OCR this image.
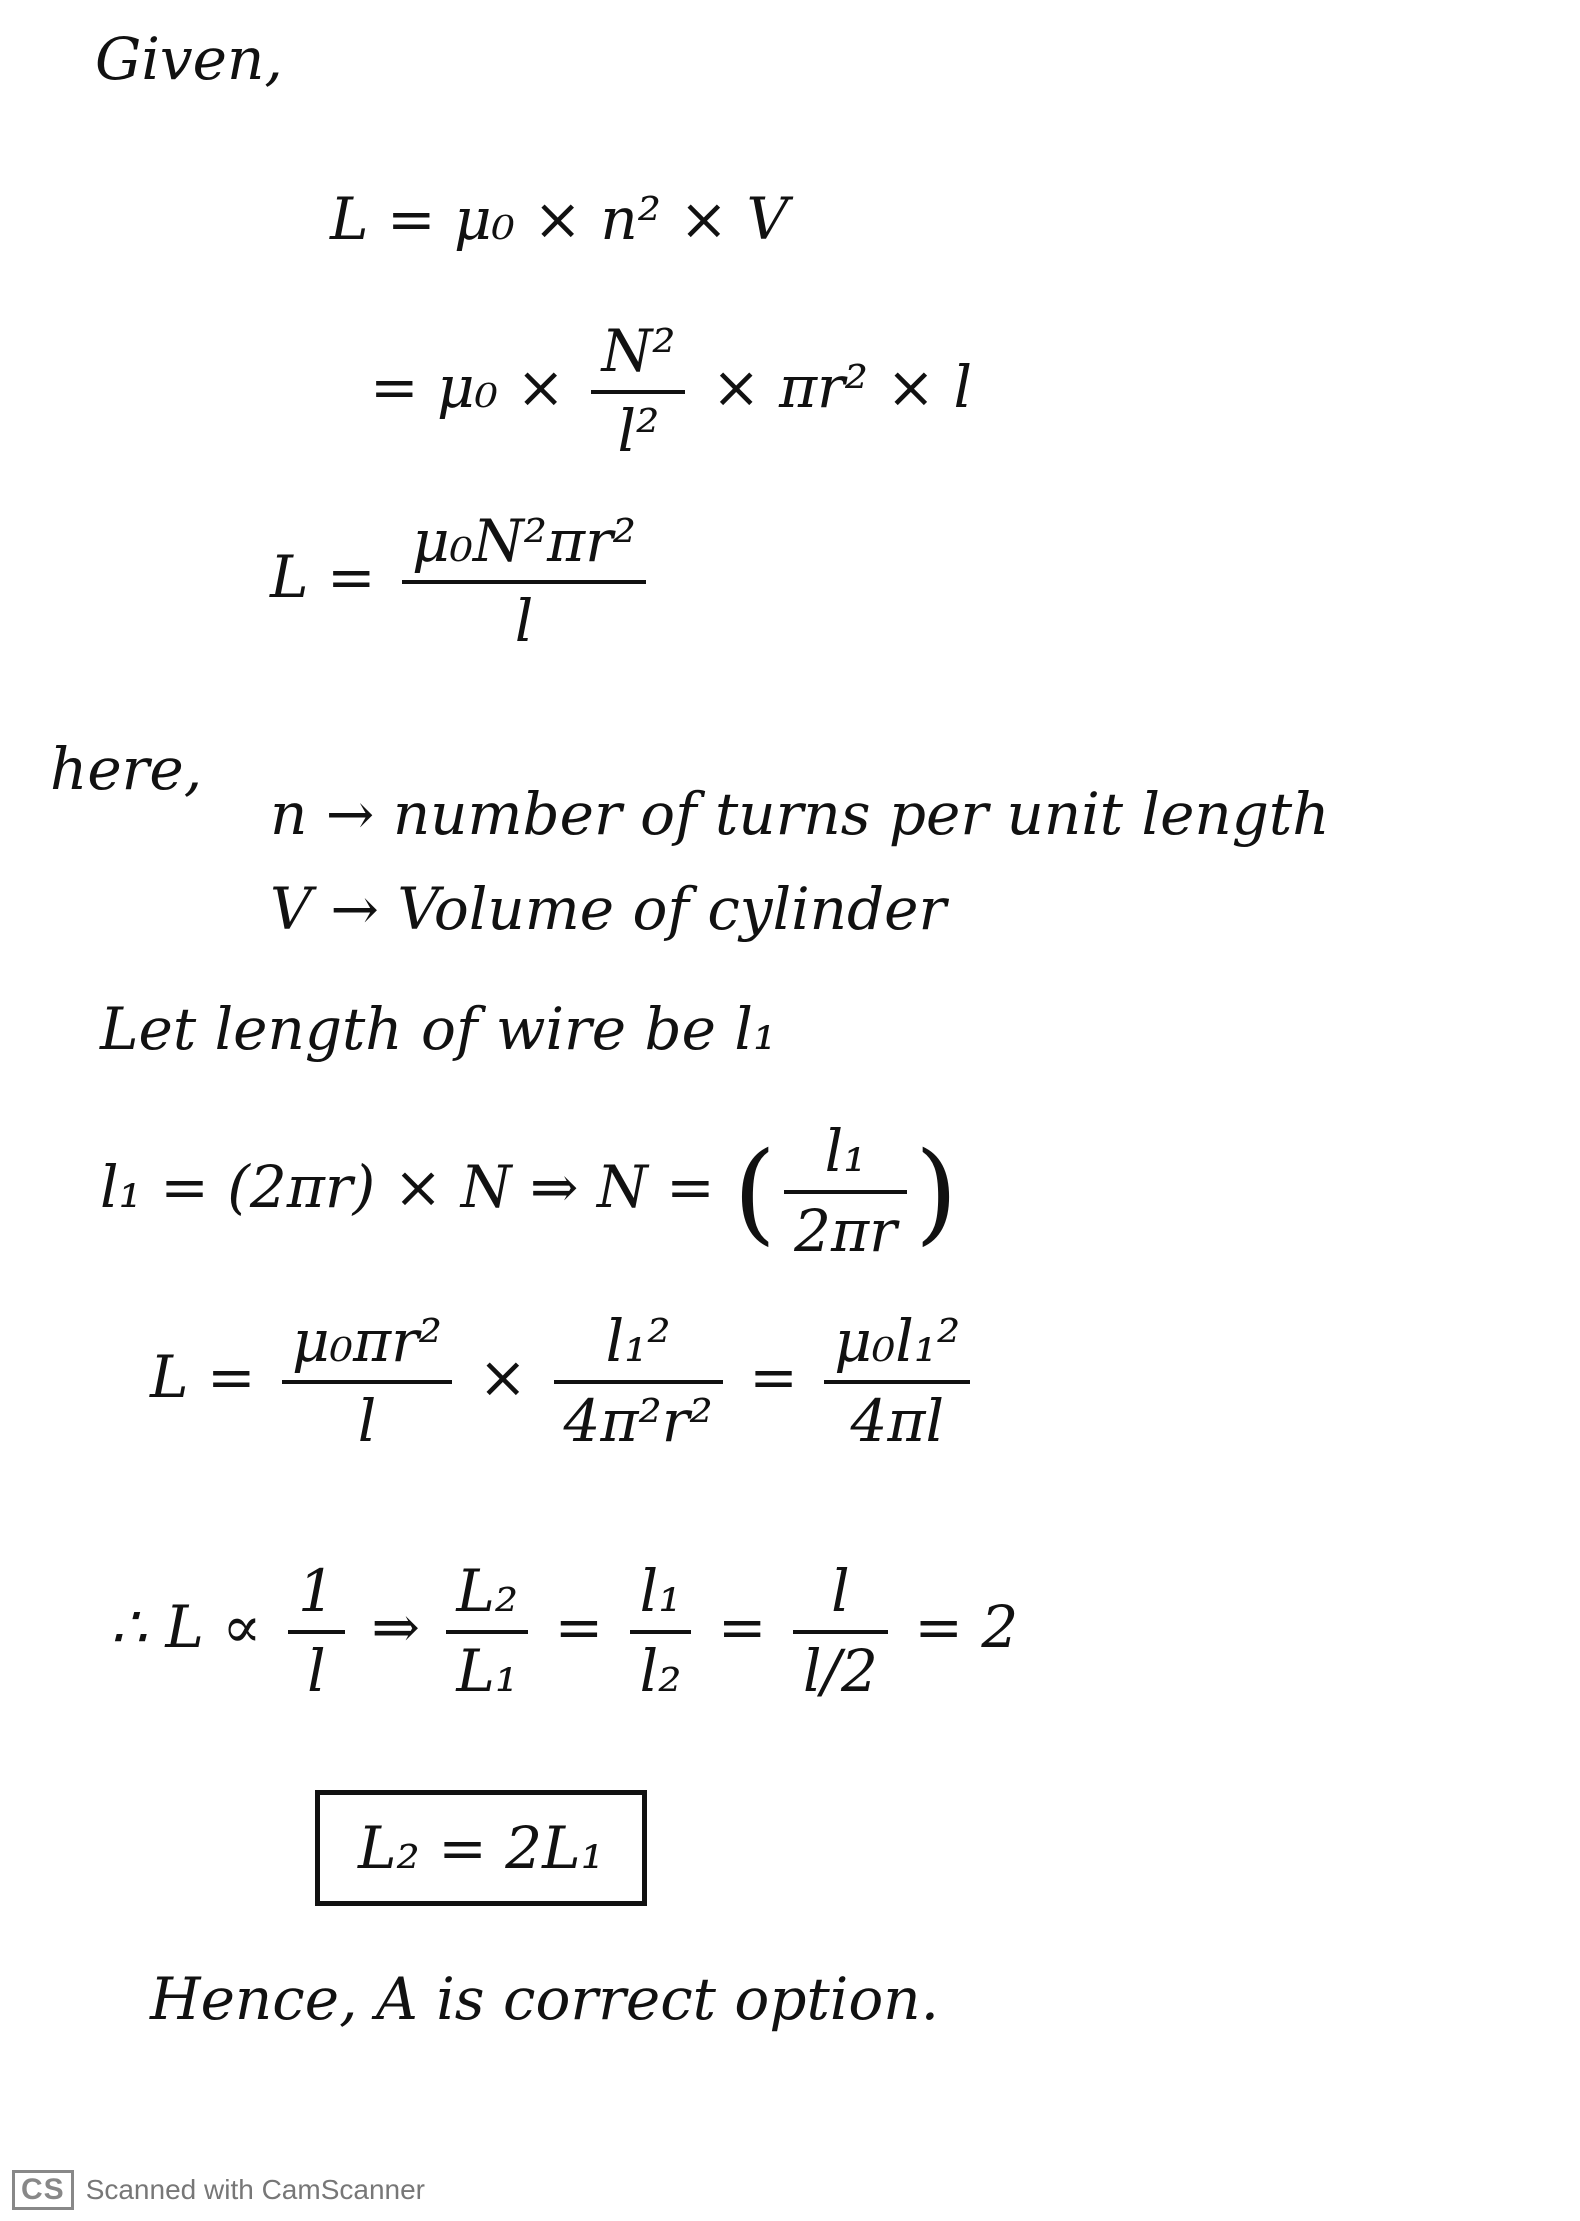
Given,
L = μ₀ × n² × V
= $\mu_0 \times \frac{\text{N²}}{\text{l²}} \times \pi r^2 \times l$
$L = \frac{\text{μ₀N²πr²}}{l}$
here,
n → number of turns per unit length
V → Volume of cylinder
Let length of wire be l₁
l₁ = (2πr) × N ⇒ N = ( $\frac{\text{l₁}}{2\pi r}$ )
$L = \frac{\text{μ₀πr²}}{l} \times \frac{\text{l₁²}}{\text{4π²r²}} = \frac{\text{μ₀l₁²}}{4\pi l}$
∴ $L \propto \frac{1}{l}$ ⇒ $\frac{\text{L₂}}{\text{L₁}} = \frac{\text{l₁}}{\text{l₂}} = \frac{l}{l/2} = 2$
L₂ = 2L₁
Hence, A is correct option.
CS Scanned with CamScanner
